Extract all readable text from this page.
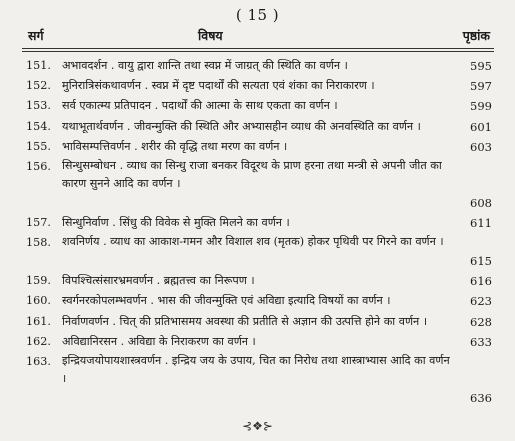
( 15 )
सर्ग	विषय	पृष्ठांक
151. अभावदर्शन . वायु द्वारा शान्ति तथा स्वप्न में जाग्रत् की स्थिति का वर्णन ।	595
152. मुनिरात्रिसंकथावर्णन . स्वप्न में दृष्ट पदार्थों की सत्यता एवं शंका का निराकारण ।	597
153. सर्व एकात्म्य प्रतिपादन . पदार्थों की आत्मा के साथ एकता का वर्णन ।	599
154. यथाभूतार्थवर्णन . जीवन्मुक्ति की स्थिति और अभ्यासहीन व्याध की अनवस्थिति का वर्णन ।	601
155. भाविसम्पत्तिवर्णन . शरीर की वृद्धि तथा मरण का वर्णन ।	603
156. सिन्धुसम्बोधन . व्याध का सिन्धु राजा बनकर विदूरथ के प्राण हरना तथा मन्त्री से अपनी जीत का कारण सुनने आदि का वर्णन ।
608
157. सिन्धुनिर्वाण . सिंधु की विवेक से मुक्ति मिलने का वर्णन ।	611
158. शवनिर्णय . व्याध का आकाश-गमन और विशाल शव (मृतक) होकर पृथिवी पर गिरने का वर्णन ।
615
159. विपश्चित्संसारभ्रमवर्णन . ब्रह्मतत्त्व का निरूपण ।	616
160. स्वर्गनरकोपलम्भवर्णन . भास की जीवन्मुक्ति एवं अविद्या इत्यादि विषयों का वर्णन ।	623
161. निर्वाणवर्णन . चित् की प्रतिभासमय अवस्था की प्रतीति से अज्ञान की उत्पत्ति होने का वर्णन ।	628
162. अविद्यानिरसन . अविद्या के निराकरण का वर्णन ।	633
163. इन्द्रियजयोपायशास्त्रवर्णन . इन्द्रिय जय के उपाय, चित का निरोध तथा शास्त्राभ्यास आदि का वर्णन ।
636
⊰❖⊱
